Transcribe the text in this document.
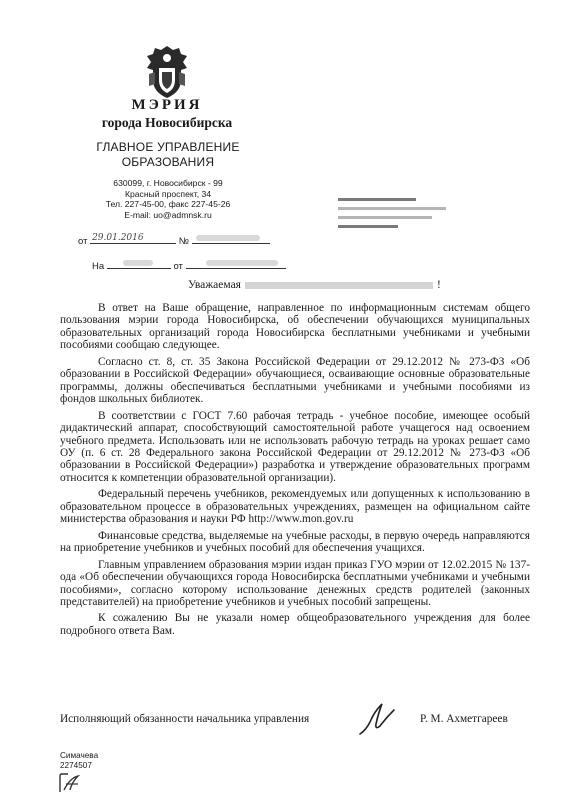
МЭРИЯ
города Новосибирска
ГЛАВНОЕ УПРАВЛЕНИЕ
ОБРАЗОВАНИЯ
630099, г. Новосибирск - 99
Красный проспект, 34
Тел. 227-45-00, факс 227-45-26
E-mail: uo@admnsk.ru
от 29.01.2016	№
На	от
Уважаемая	!

В ответ на Ваше обращение, направленное по информационным системам общего пользования мэрии города Новосибирска, об обеспечении обучающихся муниципальных образовательных организаций города Новосибирска бесплатными учебниками и учебными пособиями сообщаю следующее.

Согласно ст. 8, ст. 35 Закона Российской Федерации от 29.12.2012 № 273-ФЗ «Об образовании в Российской Федерации» обучающиеся, осваивающие основные образовательные программы, должны обеспечиваться бесплатными учебниками и учебными пособиями из фондов школьных библиотек.

В соответствии с ГОСТ 7.60 рабочая тетрадь - учебное пособие, имеющее особый дидактический аппарат, способствующий самостоятельной работе учащегося над освоением учебного предмета. Использовать или не использовать рабочую тетрадь на уроках решает само ОУ (п. 6 ст. 28 Федерального закона Российской Федерации от 29.12.2012 № 273-ФЗ «Об образовании в Российской Федерации») разработка и утверждение образовательных программ относится к компетенции образовательной организации).

Федеральный перечень учебников, рекомендуемых или допущенных к использованию в образовательном процессе в образовательных учреждениях, размещен на официальном сайте министерства образования и науки РФ http://www.mon.gov.ru

Финансовые средства, выделяемые на учебные расходы, в первую очередь направляются на приобретение учебников и учебных пособий для обеспечения учащихся.

Главным управлением образования мэрии издан приказ ГУО мэрии от 12.02.2015 № 137-ода «Об обеспечении обучающихся города Новосибирска бесплатными учебниками и учебными пособиями», согласно которому использование денежных средств родителей (законных представителей) на приобретение учебников и учебных пособий запрещены.

К сожалению Вы не указали номер общеобразовательного учреждения для более подробного ответа Вам.

Исполняющий обязанности начальника управления	Р. М. Ахметгареев
Симачева
2274507
